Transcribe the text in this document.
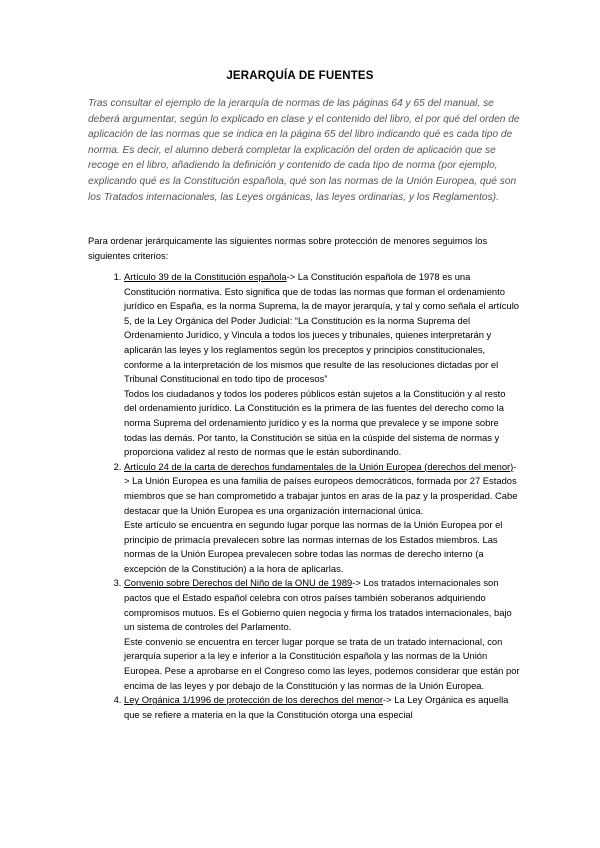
JERARQUÍA DE FUENTES
Tras consultar el ejemplo de la jerarquía de normas de las páginas 64 y 65 del manual, se deberá argumentar, según lo explicado en clase y el contenido del libro, el por qué del orden de aplicación de las normas que se indica en la página 65 del libro indicando qué es cada tipo de norma. Es decir, el alumno deberá completar la explicación del orden de aplicación que se recoge en el libro, añadiendo la definición y contenido de cada tipo de norma (por ejemplo, explicando qué es la Constitución española, qué son las normas de la Unión Europea, qué son los Tratados internacionales, las Leyes orgánicas, las leyes ordinarias, y los Reglamentos).
Para ordenar jerárquicamente las siguientes normas sobre protección de menores seguimos los siguientes criterios:
1. Artículo 39 de la Constitución española-> La Constitución española de 1978 es una Constitución normativa. Esto significa que de todas las normas que forman el ordenamiento jurídico en España, es la norma Suprema, la de mayor jerarquía, y tal y como señala el artículo 5, de la Ley Orgánica del Poder Judicial: “La Constitución es la norma Suprema del Ordenamiento Jurídico, y Vincula a todos los jueces y tribunales, quienes interpretarán y aplicarán las leyes y los reglamentos según los preceptos y principios constitucionales, conforme a la interpretación de los mismos que resulte de las resoluciones dictadas por el Tribunal Constitucional en todo tipo de procesos”
Todos los ciudadanos y todos los poderes públicos están sujetos a la Constitución y al resto del ordenamiento jurídico. La Constitución es la primera de las fuentes del derecho como la norma Suprema del ordenamiento jurídico y es la norma que prevalece y se impone sobre todas las demás. Por tanto, la Constitución se sitúa en la cúspide del sistema de normas y proporciona validez al resto de normas que le están subordinando.
2. Artículo 24 de la carta de derechos fundamentales de la Unión Europea (derechos del menor)-> La Unión Europea es una familia de países europeos democráticos, formada por 27 Estados miembros que se han comprometido a trabajar juntos en aras de la paz y la prosperidad. Cabe destacar que la Unión Europea es una organización internacional única.
Este artículo se encuentra en segundo lugar porque las normas de la Unión Europea por el principio de primacía prevalecen sobre las normas internas de los Estados miembros. Las normas de la Unión Europea prevalecen sobre todas las normas de derecho interno (a excepción de la Constitución) a la hora de aplicarlas.
3. Convenio sobre Derechos del Niño de la ONU de 1989-> Los tratados internacionales son pactos que el Estado español celebra con otros países también soberanos adquiriendo compromisos mutuos. Es el Gobierno quien negocia y firma los tratados internacionales, bajo un sistema de controles del Parlamento.
Este convenio se encuentra en tercer lugar porque se trata de un tratado internacional, con jerarquía superior a la ley e inferior a la Constitución española y las normas de la Unión Europea. Pese a aprobarse en el Congreso como las leyes, podemos considerar que están por encima de las leyes y por debajo de la Constitución y las normas de la Unión Europea.
4. Ley Orgánica 1/1996 de protección de los derechos del menor-> La Ley Orgánica es aquella que se refiere a materia en la que la Constitución otorga una especial
